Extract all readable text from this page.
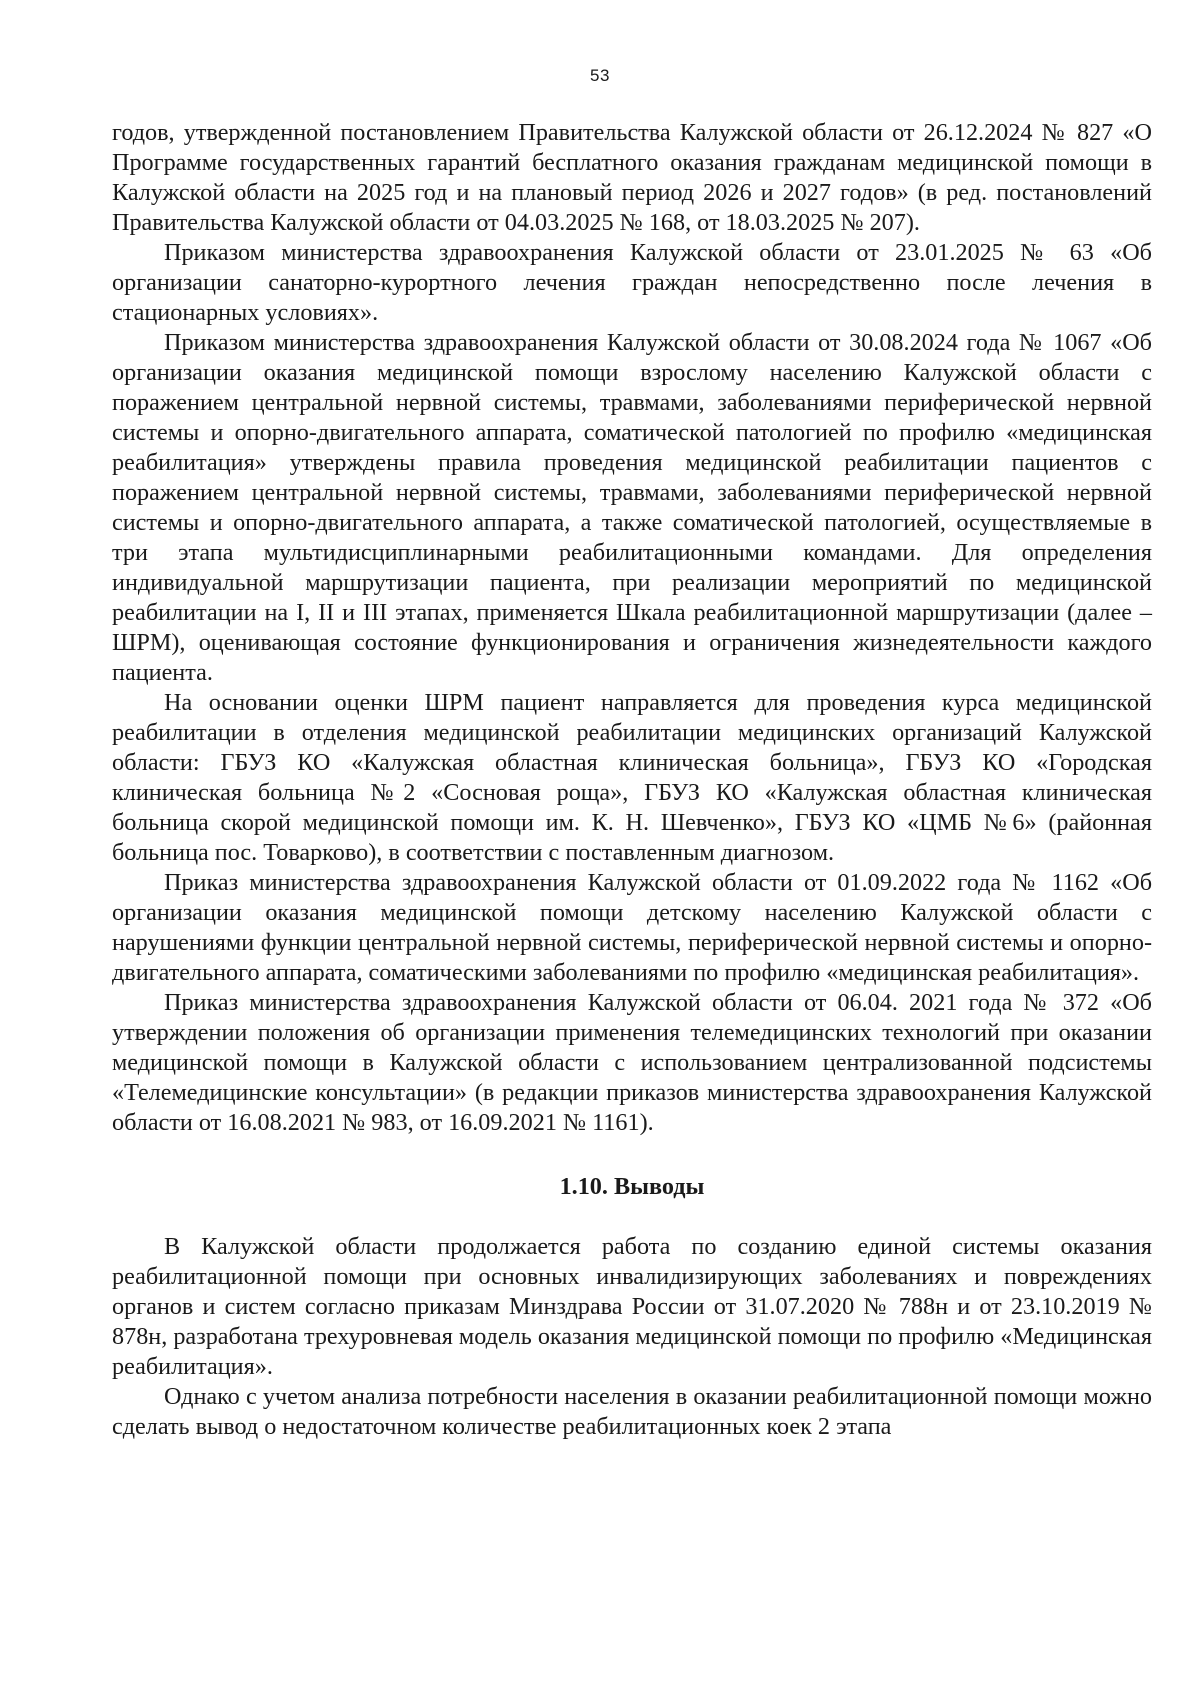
53

годов, утвержденной постановлением Правительства Калужской области от 26.12.2024 № 827 «О Программе государственных гарантий бесплатного оказания гражданам медицинской помощи в Калужской области на 2025 год и на плановый период 2026 и 2027 годов» (в ред. постановлений Правительства Калужской области от 04.03.2025 № 168, от 18.03.2025 № 207).

Приказом министерства здравоохранения Калужской области от 23.01.2025 № 63 «Об организации санаторно-курортного лечения граждан непосредственно после лечения в стационарных условиях».

Приказом министерства здравоохранения Калужской области от 30.08.2024 года № 1067 «Об организации оказания медицинской помощи взрослому населению Калужской области с поражением центральной нервной системы, травмами, заболеваниями периферической нервной системы и опорно-двигательного аппарата, соматической патологией по профилю «медицинская реабилитация» утверждены правила проведения медицинской реабилитации пациентов с поражением центральной нервной системы, травмами, заболеваниями периферической нервной системы и опорно-двигательного аппарата, а также соматической патологией, осуществляемые в три этапа мультидисциплинарными реабилитационными командами. Для определения индивидуальной маршрутизации пациента, при реализации мероприятий по медицинской реабилитации на I, II и III этапах, применяется Шкала реабилитационной маршрутизации (далее – ШРМ), оценивающая состояние функционирования и ограничения жизнедеятельности каждого пациента.

На основании оценки ШРМ пациент направляется для проведения курса медицинской реабилитации в отделения медицинской реабилитации медицинских организаций Калужской области: ГБУЗ КО «Калужская областная клиническая больница», ГБУЗ КО «Городская клиническая больница №2 «Сосновая роща», ГБУЗ КО «Калужская областная клиническая больница скорой медицинской помощи им. К. Н. Шевченко», ГБУЗ КО «ЦМБ №6» (районная больница пос. Товарково), в соответствии с поставленным диагнозом.

Приказ министерства здравоохранения Калужской области от 01.09.2022 года № 1162 «Об организации оказания медицинской помощи детскому населению Калужской области с нарушениями функции центральной нервной системы, периферической нервной системы и опорно-двигательного аппарата, соматическими заболеваниями по профилю «медицинская реабилитация».

Приказ министерства здравоохранения Калужской области от 06.04. 2021 года № 372 «Об утверждении положения об организации применения телемедицинских технологий при оказании медицинской помощи в Калужской области с использованием централизованной подсистемы «Телемедицинские консультации» (в редакции приказов министерства здравоохранения Калужской области от 16.08.2021 № 983, от 16.09.2021 № 1161).

1.10. Выводы

В Калужской области продолжается работа по созданию единой системы оказания реабилитационной помощи при основных инвалидизирующих заболеваниях и повреждениях органов и систем согласно приказам Минздрава России от 31.07.2020 № 788н и от 23.10.2019 № 878н, разработана трехуровневая модель оказания медицинской помощи по профилю «Медицинская реабилитация».

Однако с учетом анализа потребности населения в оказании реабилитационной помощи можно сделать вывод о недостаточном количестве реабилитационных коек 2 этапа
